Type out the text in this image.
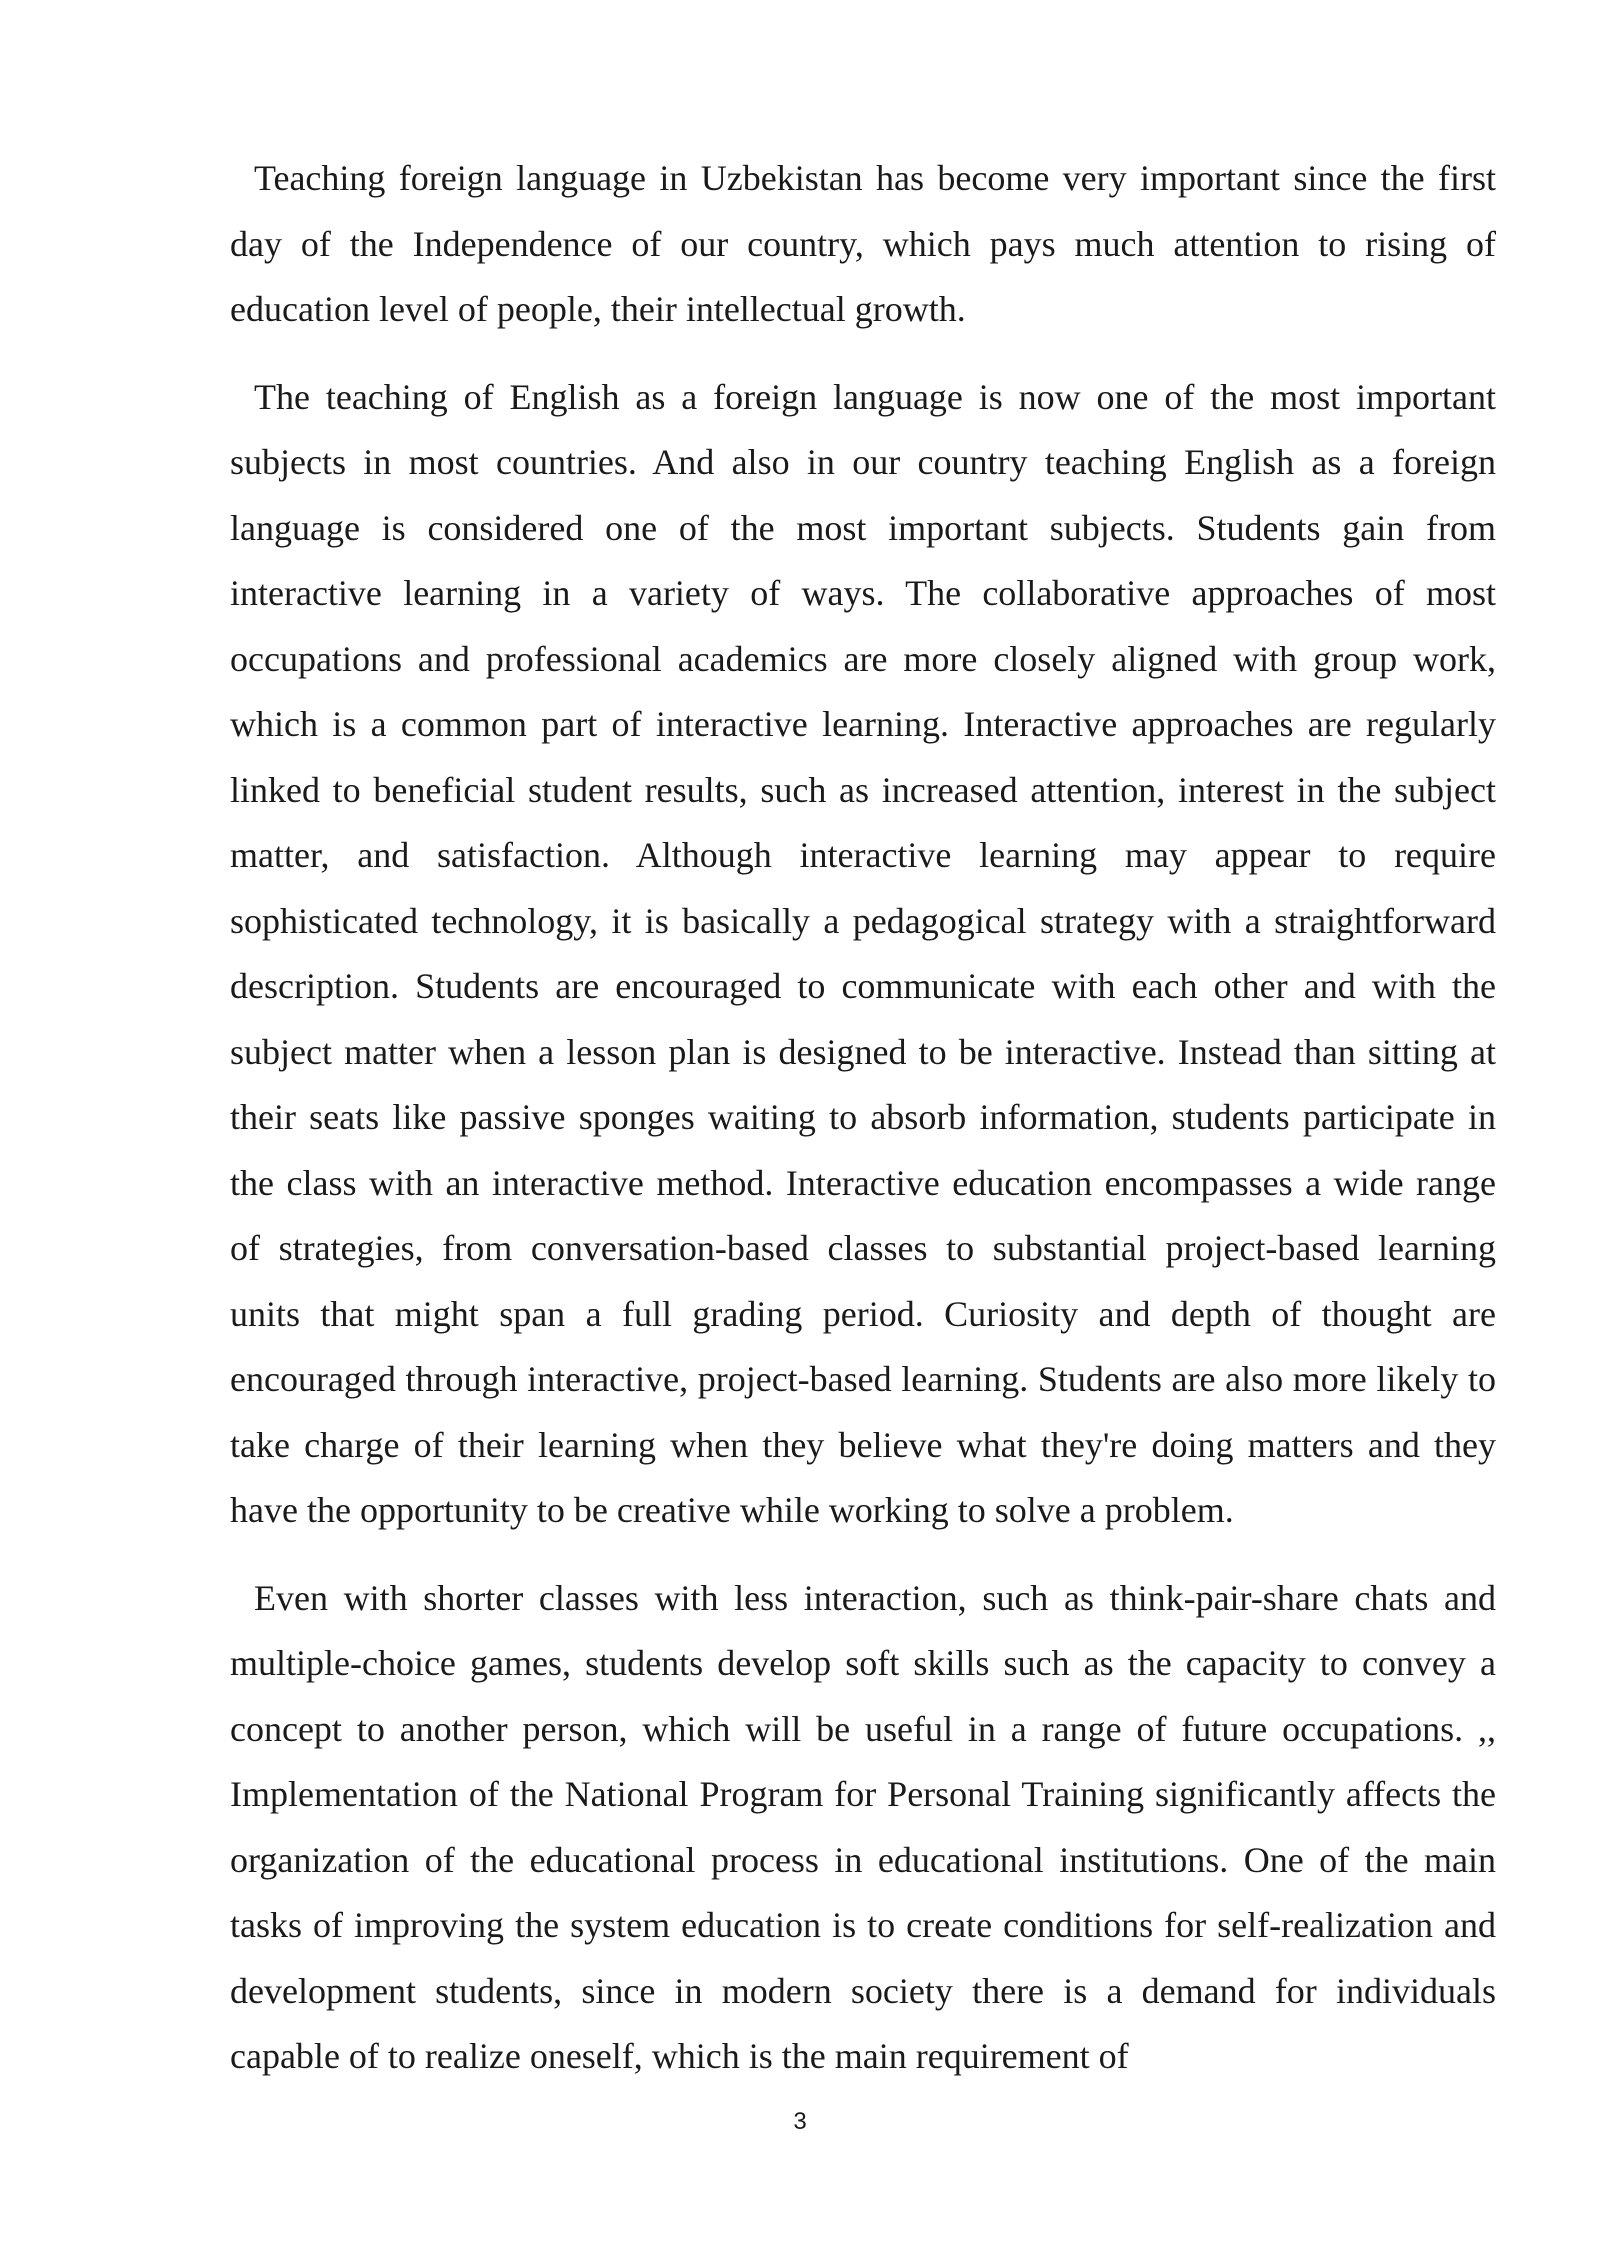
Teaching foreign language in Uzbekistan has become very important since the first day of the Independence of our country, which pays much attention to rising of education level of people, their intellectual growth.

The teaching of English as a foreign language is now one of the most important subjects in most countries. And also in our country teaching English as a foreign language is considered one of the most important subjects. Students gain from interactive learning in a variety of ways. The collaborative approaches of most occupations and professional academics are more closely aligned with group work, which is a common part of interactive learning. Interactive approaches are regularly linked to beneficial student results, such as increased attention, interest in the subject matter, and satisfaction. Although interactive learning may appear to require sophisticated technology, it is basically a pedagogical strategy with a straightforward description. Students are encouraged to communicate with each other and with the subject matter when a lesson plan is designed to be interactive. Instead than sitting at their seats like passive sponges waiting to absorb information, students participate in the class with an interactive method. Interactive education encompasses a wide range of strategies, from conversation-based classes to substantial project-based learning units that might span a full grading period. Curiosity and depth of thought are encouraged through interactive, project-based learning. Students are also more likely to take charge of their learning when they believe what they're doing matters and they have the opportunity to be creative while working to solve a problem.

Even with shorter classes with less interaction, such as think-pair-share chats and multiple-choice games, students develop soft skills such as the capacity to convey a concept to another person, which will be useful in a range of future occupations. ,, Implementation of the National Program for Personal Training significantly affects the organization of the educational process in educational institutions. One of the main tasks of improving the system education is to create conditions for self-realization and development students, since in modern society there is a demand for individuals capable of to realize oneself, which is the main requirement of

3
